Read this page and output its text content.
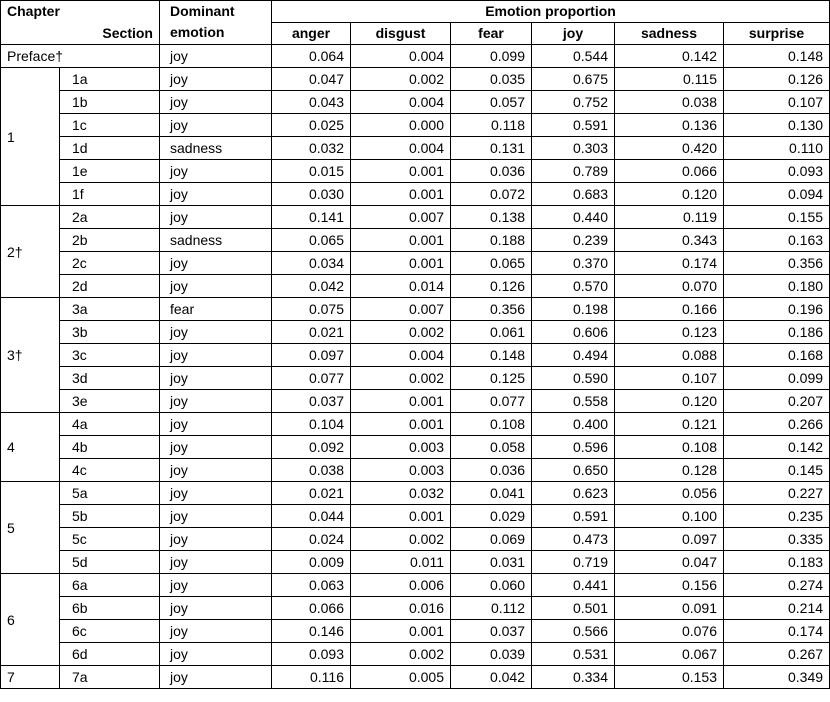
Chapter		Dominant
emotion	Emotion proportion					
Section			anger	disgust	fear	joy	sadness	surprise
Preface†		joy	0.064	0.004	0.099	0.544	0.142	0.148
1	1a	joy	0.047	0.002	0.035	0.675	0.115	0.126
	1b	joy	0.043	0.004	0.057	0.752	0.038	0.107
	1c	joy	0.025	0.000	0.118	0.591	0.136	0.130
	1d	sadness	0.032	0.004	0.131	0.303	0.420	0.110
	1e	joy	0.015	0.001	0.036	0.789	0.066	0.093
	1f	joy	0.030	0.001	0.072	0.683	0.120	0.094
2†	2a	joy	0.141	0.007	0.138	0.440	0.119	0.155
	2b	sadness	0.065	0.001	0.188	0.239	0.343	0.163
	2c	joy	0.034	0.001	0.065	0.370	0.174	0.356
	2d	joy	0.042	0.014	0.126	0.570	0.070	0.180
3†	3a	fear	0.075	0.007	0.356	0.198	0.166	0.196
	3b	joy	0.021	0.002	0.061	0.606	0.123	0.186
	3c	joy	0.097	0.004	0.148	0.494	0.088	0.168
	3d	joy	0.077	0.002	0.125	0.590	0.107	0.099
	3e	joy	0.037	0.001	0.077	0.558	0.120	0.207
4	4a	joy	0.104	0.001	0.108	0.400	0.121	0.266
	4b	joy	0.092	0.003	0.058	0.596	0.108	0.142
	4c	joy	0.038	0.003	0.036	0.650	0.128	0.145
5	5a	joy	0.021	0.032	0.041	0.623	0.056	0.227
	5b	joy	0.044	0.001	0.029	0.591	0.100	0.235
	5c	joy	0.024	0.002	0.069	0.473	0.097	0.335
	5d	joy	0.009	0.011	0.031	0.719	0.047	0.183
6	6a	joy	0.063	0.006	0.060	0.441	0.156	0.274
	6b	joy	0.066	0.016	0.112	0.501	0.091	0.214
	6c	joy	0.146	0.001	0.037	0.566	0.076	0.174
	6d	joy	0.093	0.002	0.039	0.531	0.067	0.267
7	7a	joy	0.116	0.005	0.042	0.334	0.153	0.349
